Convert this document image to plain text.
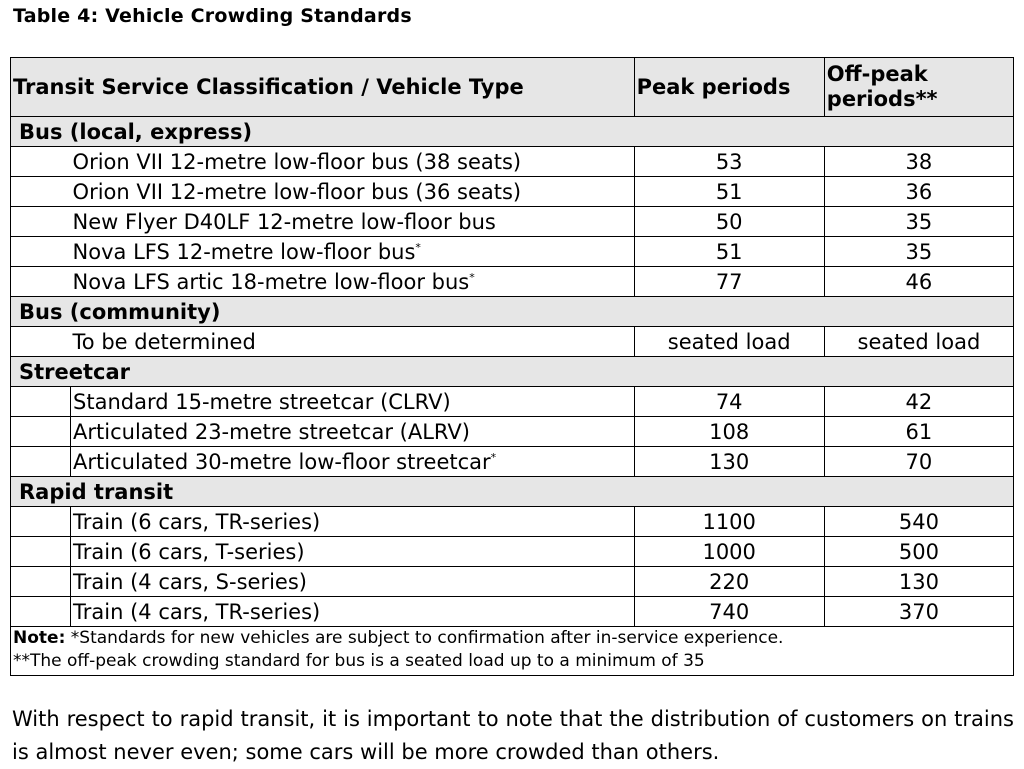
Table 4: Vehicle Crowding Standards
Transit Service Classification / Vehicle Type		Peak periods	Off-peak periods**
Bus (local, express)			
	Orion VII 12-metre low-floor bus (38 seats)	53	38
	Orion VII 12-metre low-floor bus (36 seats)	51	36
	New Flyer D40LF 12-metre low-floor bus	50	35
	Nova LFS 12-metre low-floor bus*	51	35
	Nova LFS artic 18-metre low-floor bus*	77	46
Bus (community)			
	To be determined	seated load	seated load
Streetcar			
	Standard 15-metre streetcar (CLRV)	74	42
	Articulated 23-metre streetcar (ALRV)	108	61
	Articulated 30-metre low-floor streetcar*	130	70
Rapid transit			
	Train (6 cars, TR-series)	1100	540
	Train (6 cars, T-series)	1000	500
	Train (4 cars, S-series)	220	130
	Train (4 cars, TR-series)	740	370

Note: *Standards for new vehicles are subject to confirmation after in-service experience.
**The off-peak crowding standard for bus is a seated load up to a minimum of 35			
With respect to rapid transit, it is important to note that the distribution of customers on trains is almost never even; some cars will be more crowded than others.
